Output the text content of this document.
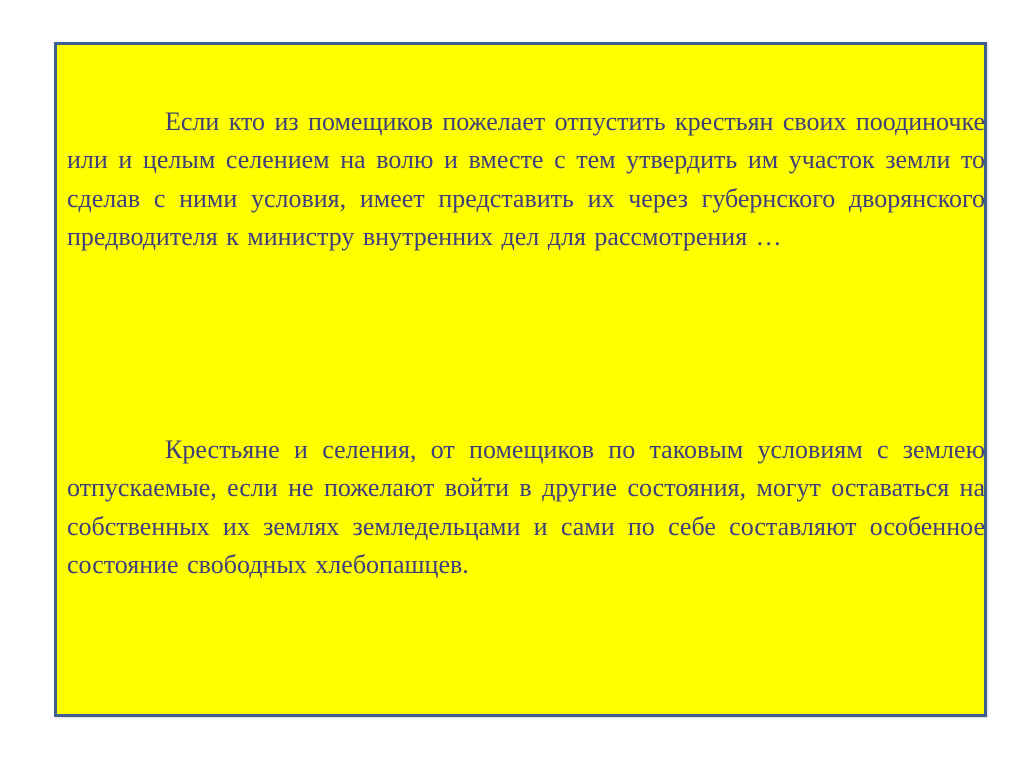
Если кто из помещиков пожелает отпустить крестьян своих поодиночке или и целым селением на волю и вместе с тем утвердить им участок земли то сделав с ними условия, имеет представить их через губернского дворянского предводителя к министру внутренних дел для рассмотрения …

Крестьяне и селения, от помещиков по таковым условиям с землею отпускаемые, если не пожелают войти в другие состояния, могут оставаться на собственных их землях земледельцами и сами по себе составляют особенное состояние свободных хлебопашцев.
